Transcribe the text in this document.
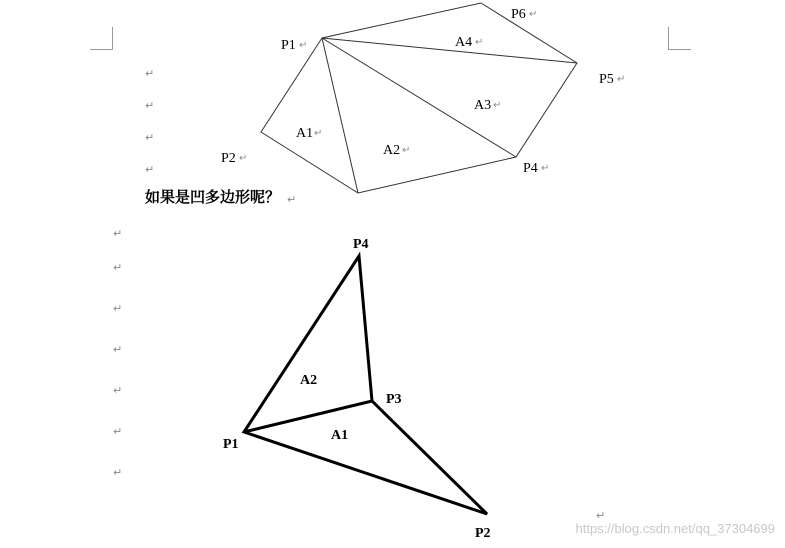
↵
↵
↵
↵
P1
P2
P4
P5
P6
A1
A2
A3
A4
↵
↵
↵
↵
↵
↵
↵
↵
↵
如果是凹多边形呢？ ↵
↵
↵
↵
↵
↵
↵
↵
↵
P1
P2
P3
P4
A1
A2
https://blog.csdn.net/qq_37304699
